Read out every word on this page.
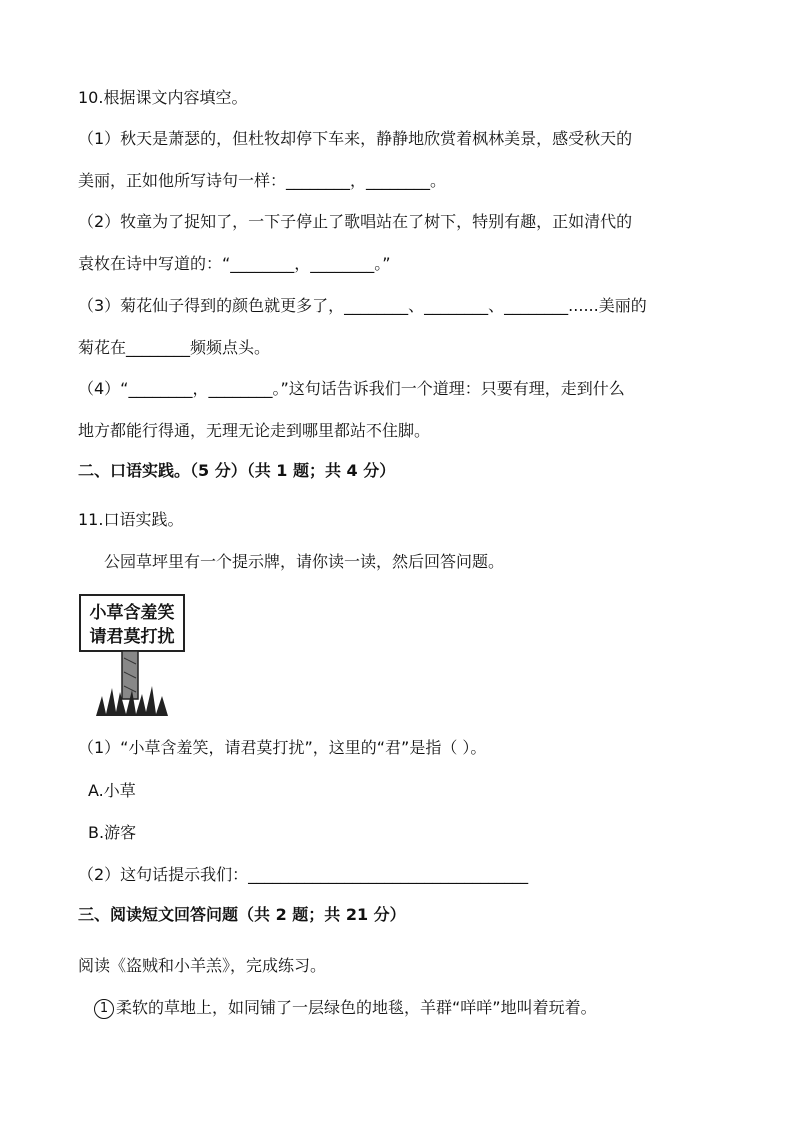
10.根据课文内容填空。
（1）秋天是萧瑟的，但杜牧却停下车来，静静地欣赏着枫林美景，感受秋天的
美丽，正如他所写诗句一样：________，________。
（2）牧童为了捉知了，一下子停止了歌唱站在了树下，特别有趣，正如清代的
袁枚在诗中写道的：“________，________。”
（3）菊花仙子得到的颜色就更多了，________、________、________......美丽的
菊花在________频频点头。
（4）“________，________。”这句话告诉我们一个道理：只要有理，走到什么
地方都能行得通，无理无论走到哪里都站不住脚。
二、口语实践。（5 分）（共 1 题；共 4 分）
11.口语实践。
公园草坪里有一个提示牌，请你读一读，然后回答问题。
小草含羞笑
请君莫打扰
（1）“小草含羞笑，请君莫打扰”，这里的“君”是指（ ）。
A.小草
B.游客
（2）这句话提示我们：___________________________________
三、阅读短文回答问题（共 2 题；共 21 分）
阅读《盗贼和小羊羔》，完成练习。
1 柔软的草地上，如同铺了一层绿色的地毯，羊群“咩咩”地叫着玩着。
